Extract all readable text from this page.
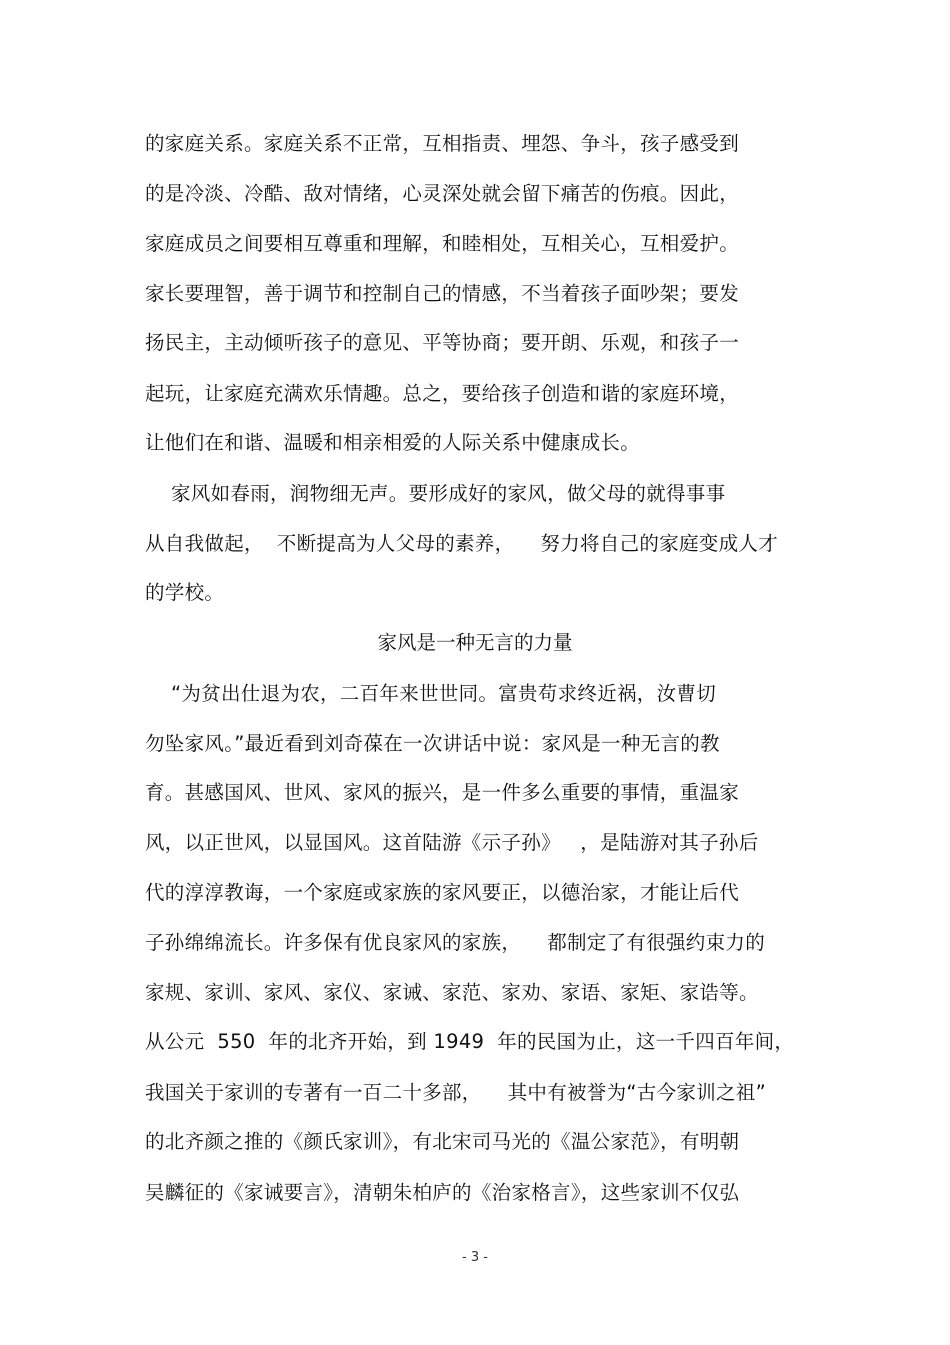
的家庭关系。家庭关系不正常，互相指责、埋怨、争斗，孩子感受到
的是冷淡、冷酷、敌对情绪，心灵深处就会留下痛苦的伤痕。因此，
家庭成员之间要相互尊重和理解，和睦相处，互相关心，互相爱护。
家长要理智，善于调节和控制自己的情感，不当着孩子面吵架；要发
扬民主，主动倾听孩子的意见、平等协商；要开朗、乐观，和孩子一
起玩，让家庭充满欢乐情趣。总之，要给孩子创造和谐的家庭环境，
让他们在和谐、温暖和相亲相爱的人际关系中健康成长。
家风如春雨，润物细无声。要形成好的家风，做父母的就得事事
从自我做起，  不断提高为人父母的素养，    努力将自己的家庭变成人才
的学校。
家风是一种无言的力量
“为贫出仕退为农，二百年来世世同。富贵苟求终近祸，汝曹切
勿坠家风。”最近看到刘奇葆在一次讲话中说：家风是一种无言的教
育。甚感国风、世风、家风的振兴，是一件多么重要的事情，重温家
风，以正世风，以显国风。这首陆游《示子孙》   ，是陆游对其子孙后
代的淳淳教诲，一个家庭或家族的家风要正，以德治家，才能让后代
子孙绵绵流长。许多保有优良家风的家族，    都制定了有很强约束力的
家规、家训、家风、家仪、家诫、家范、家劝、家语、家矩、家诰等。
从公元  550  年的北齐开始，到 1949  年的民国为止，这一千四百年间，
我国关于家训的专著有一百二十多部，    其中有被誉为“古今家训之祖”
的北齐颜之推的《颜氏家训》，有北宋司马光的《温公家范》，有明朝
吴麟征的《家诫要言》，清朝朱柏庐的《治家格言》，这些家训不仅弘
- 3 -
